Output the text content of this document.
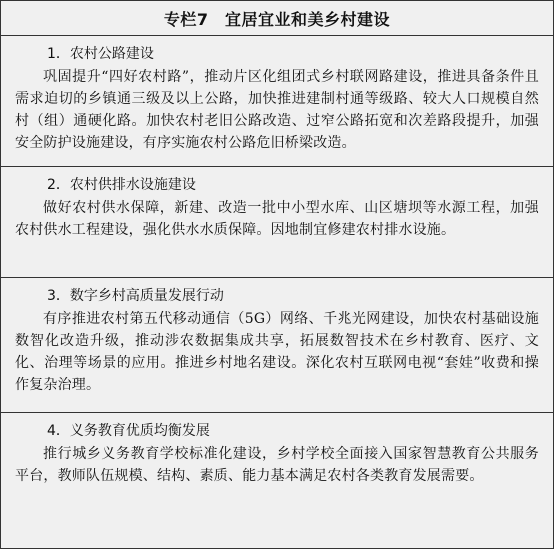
专栏7　宜居宜业和美乡村建设
1．农村公路建设
巩固提升“四好农村路”，推动片区化组团式乡村联网路建设，推进具备条件且需求迫切的乡镇通三级及以上公路，加快推进建制村通等级路、较大人口规模自然村（组）通硬化路。加快农村老旧公路改造、过窄公路拓宽和次差路段提升，加强安全防护设施建设，有序实施农村公路危旧桥梁改造。
2．农村供排水设施建设
做好农村供水保障，新建、改造一批中小型水库、山区塘坝等水源工程，加强农村供水工程建设，强化供水水质保障。因地制宜修建农村排水设施。
3．数字乡村高质量发展行动
有序推进农村第五代移动通信（5G）网络、千兆光网建设，加快农村基础设施数智化改造升级，推动涉农数据集成共享，拓展数智技术在乡村教育、医疗、文化、治理等场景的应用。推进乡村地名建设。深化农村互联网电视“套娃”收费和操作复杂治理。
4．义务教育优质均衡发展
推行城乡义务教育学校标准化建设，乡村学校全面接入国家智慧教育公共服务平台，教师队伍规模、结构、素质、能力基本满足农村各类教育发展需要。
